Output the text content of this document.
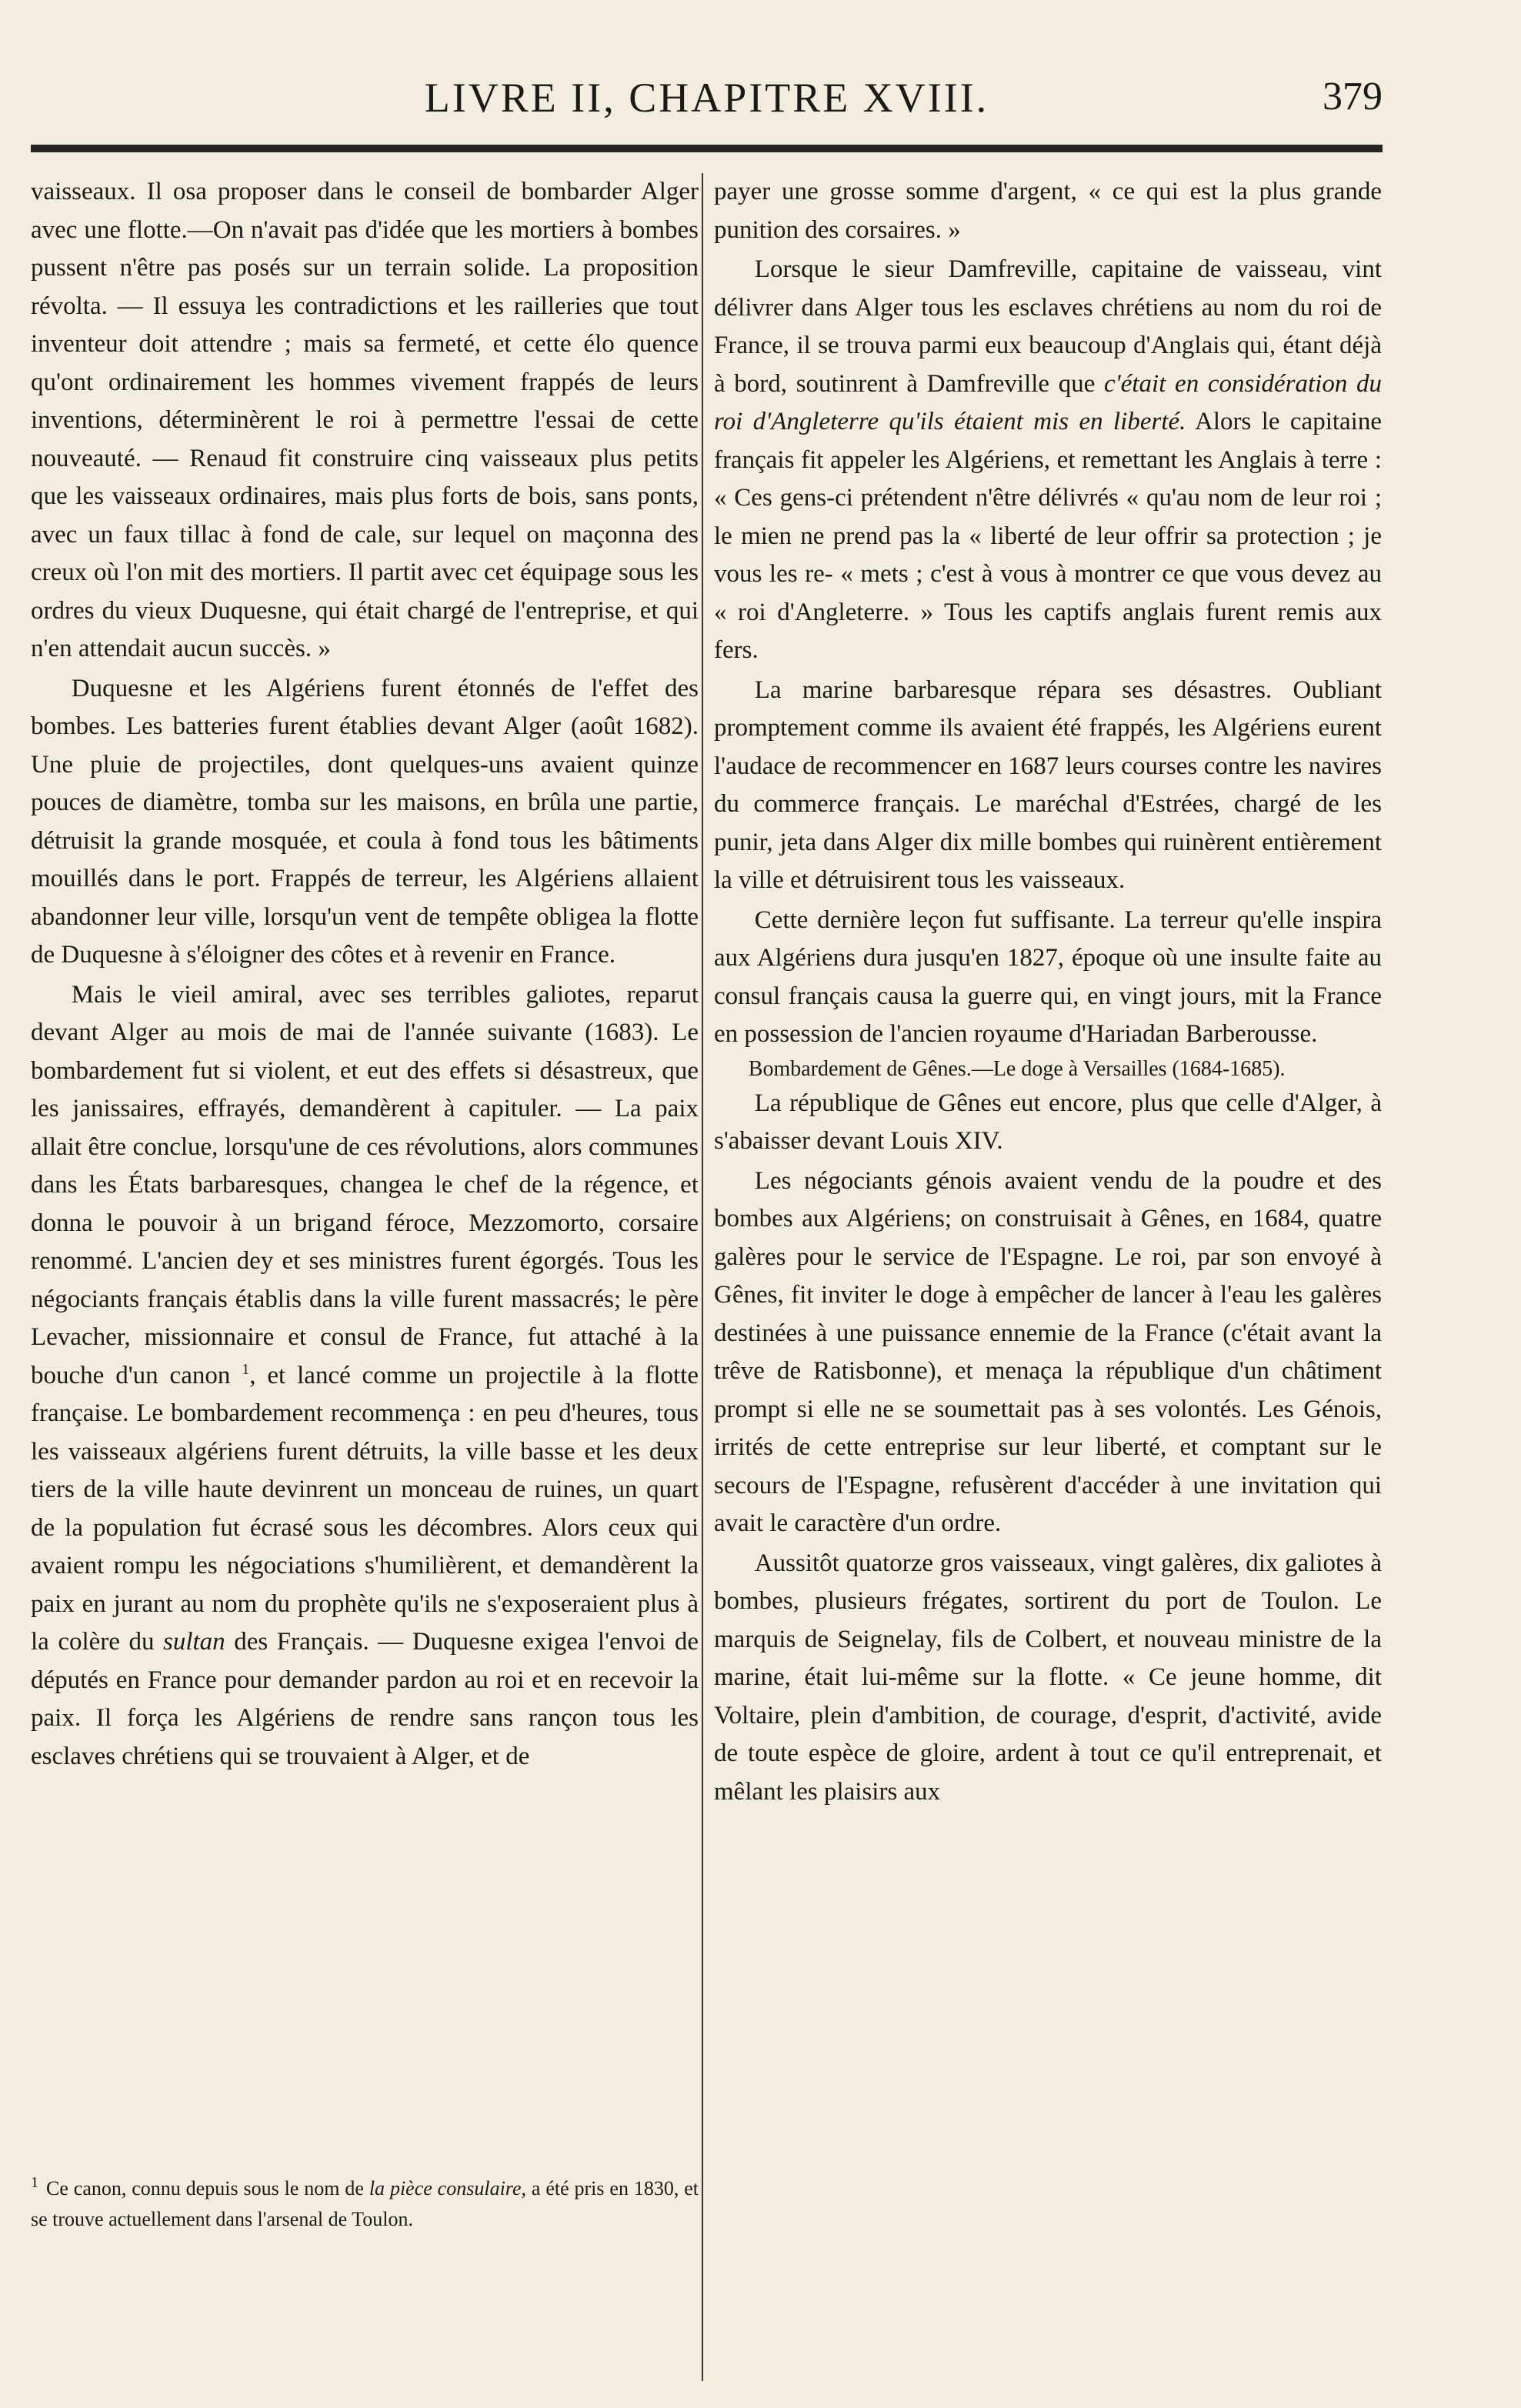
LIVRE II, CHAPITRE XVIII.	379

vaisseaux. Il osa proposer dans le conseil de bombarder Alger avec une flotte.—On n'avait pas d'idée que les mortiers à bombes pussent n'être pas posés sur un terrain solide. La proposition révolta. — Il essuya les contradictions et les railleries que tout inventeur doit attendre ; mais sa fermeté, et cette élo quence qu'ont ordinairement les hommes vivement frappés de leurs inventions, déterminèrent le roi à permettre l'essai de cette nouveauté. — Renaud fit construire cinq vaisseaux plus petits que les vaisseaux ordinaires, mais plus forts de bois, sans ponts, avec un faux tillac à fond de cale, sur lequel on maçonna des creux où l'on mit des mortiers. Il partit avec cet équipage sous les ordres du vieux Duquesne, qui était chargé de l'entreprise, et qui n'en attendait aucun succès. »

Duquesne et les Algériens furent étonnés de l'effet des bombes. Les batteries furent établies devant Alger (août 1682). Une pluie de projectiles, dont quelques-uns avaient quinze pouces de diamètre, tomba sur les maisons, en brûla une partie, détruisit la grande mosquée, et coula à fond tous les bâtiments mouillés dans le port. Frappés de terreur, les Algériens allaient abandonner leur ville, lorsqu'un vent de tempête obligea la flotte de Duquesne à s'éloigner des côtes et à revenir en France.

Mais le vieil amiral, avec ses terribles galiotes, reparut devant Alger au mois de mai de l'année suivante (1683). Le bombardement fut si violent, et eut des effets si désastreux, que les janissaires, effrayés, demandèrent à capituler. — La paix allait être conclue, lorsqu'une de ces révolutions, alors communes dans les États barbaresques, changea le chef de la régence, et donna le pouvoir à un brigand féroce, Mezzomorto, corsaire renommé. L'ancien dey et ses ministres furent égorgés. Tous les négociants français établis dans la ville furent massacrés; le père Levacher, missionnaire et consul de France, fut attaché à la bouche d'un canon $^1$, et lancé comme un projectile à la flotte française. Le bombardement recommença : en peu d'heures, tous les vaisseaux algériens furent détruits, la ville basse et les deux tiers de la ville haute devinrent un monceau de ruines, un quart de la population fut écrasé sous les décombres. Alors ceux qui avaient rompu les négociations s'humilièrent, et demandèrent la paix en jurant au nom du prophète qu'ils ne s'exposeraient plus à la colère du sultan des Français. — Duquesne exigea l'envoi de députés en France pour demander pardon au roi et en recevoir la paix. Il força les Algériens de rendre sans rançon tous les esclaves chrétiens qui se trouvaient à Alger, et de

payer une grosse somme d'argent, « ce qui est la plus grande punition des corsaires. »

Lorsque le sieur Damfreville, capitaine de vaisseau, vint délivrer dans Alger tous les esclaves chrétiens au nom du roi de France, il se trouva parmi eux beaucoup d'Anglais qui, étant déjà à bord, soutinrent à Damfreville que c'était en considération du roi d'Angleterre qu'ils étaient mis en liberté. Alors le capitaine français fit appeler les Algériens, et remettant les Anglais à terre : « Ces gens-ci prétendent n'être délivrés « qu'au nom de leur roi ; le mien ne prend pas la « liberté de leur offrir sa protection ; je vous les re- « mets ; c'est à vous à montrer ce que vous devez au « roi d'Angleterre. » Tous les captifs anglais furent remis aux fers.

La marine barbaresque répara ses désastres. Oubliant promptement comme ils avaient été frappés, les Algériens eurent l'audace de recommencer en 1687 leurs courses contre les navires du commerce français. Le maréchal d'Estrées, chargé de les punir, jeta dans Alger dix mille bombes qui ruinèrent entièrement la ville et détruisirent tous les vaisseaux.

Cette dernière leçon fut suffisante. La terreur qu'elle inspira aux Algériens dura jusqu'en 1827, époque où une insulte faite au consul français causa la guerre qui, en vingt jours, mit la France en possession de l'ancien royaume d'Hariadan Barberousse.

Bombardement de Gênes.—Le doge à Versailles (1684-1685).

La république de Gênes eut encore, plus que celle d'Alger, à s'abaisser devant Louis XIV.

Les négociants génois avaient vendu de la poudre et des bombes aux Algériens; on construisait à Gênes, en 1684, quatre galères pour le service de l'Espagne. Le roi, par son envoyé à Gênes, fit inviter le doge à empêcher de lancer à l'eau les galères destinées à une puissance ennemie de la France (c'était avant la trêve de Ratisbonne), et menaça la république d'un châtiment prompt si elle ne se soumettait pas à ses volontés. Les Génois, irrités de cette entreprise sur leur liberté, et comptant sur le secours de l'Espagne, refusèrent d'accéder à une invitation qui avait le caractère d'un ordre.

Aussitôt quatorze gros vaisseaux, vingt galères, dix galiotes à bombes, plusieurs frégates, sortirent du port de Toulon. Le marquis de Seignelay, fils de Colbert, et nouveau ministre de la marine, était lui-même sur la flotte. « Ce jeune homme, dit Voltaire, plein d'ambition, de courage, d'esprit, d'activité, avide de toute espèce de gloire, ardent à tout ce qu'il entreprenait, et mêlant les plaisirs aux

$^1$ Ce canon, connu depuis sous le nom de la pièce consulaire, a été pris en 1830, et se trouve actuellement dans l'arsenal de Toulon.
